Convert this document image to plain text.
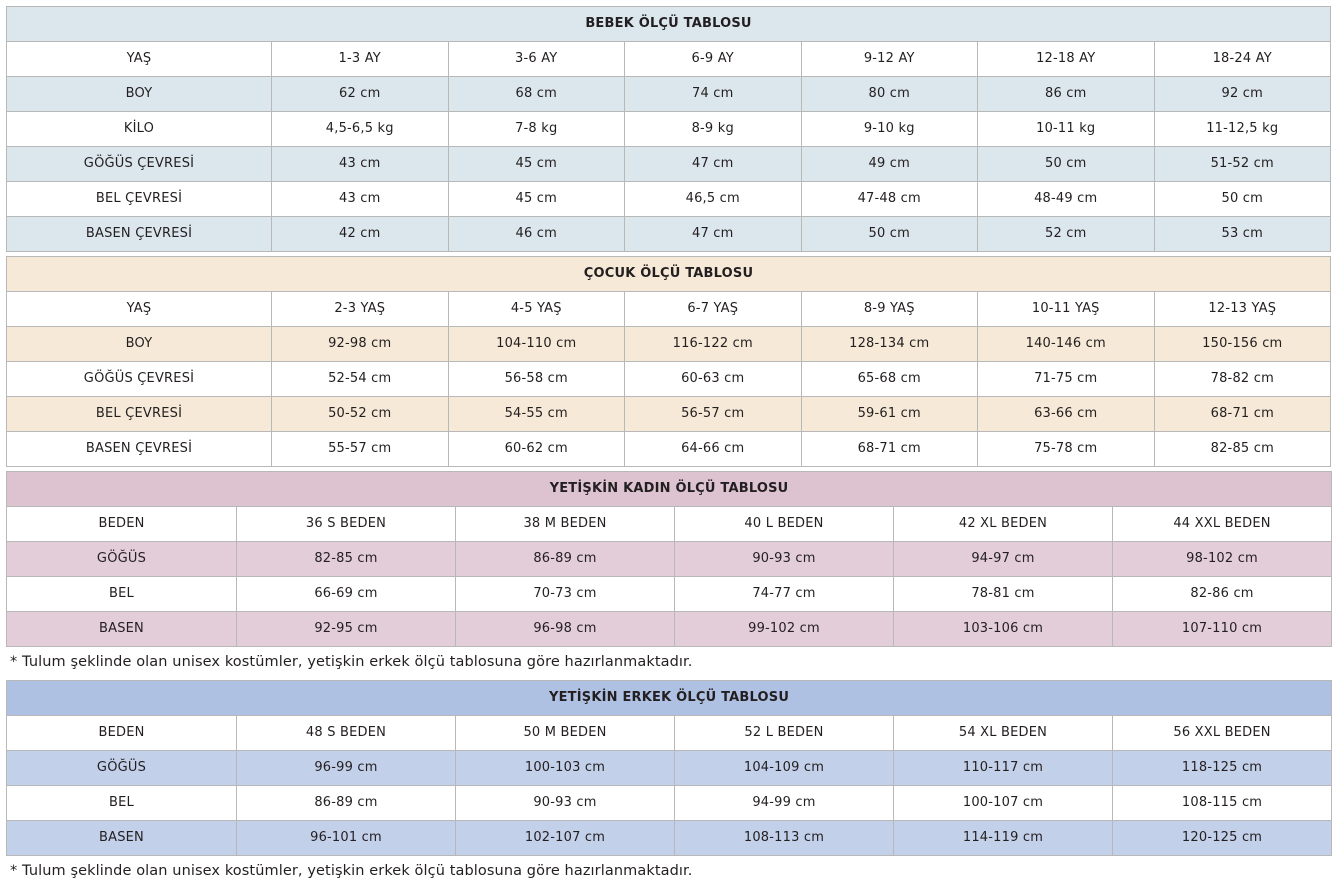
BEBEK ÖLÇÜ TABLOSU						
YAŞ	1-3 AY	3-6 AY	6-9 AY	9-12 AY	12-18 AY	18-24 AY
BOY	62 cm	68 cm	74 cm	80 cm	86 cm	92 cm
KİLO	4,5-6,5 kg	7-8 kg	8-9 kg	9-10 kg	10-11 kg	11-12,5 kg
GÖĞÜS ÇEVRESİ	43 cm	45 cm	47 cm	49 cm	50 cm	51-52 cm
BEL ÇEVRESİ	43 cm	45 cm	46,5 cm	47-48 cm	48-49 cm	50 cm
BASEN ÇEVRESİ	42 cm	46 cm	47 cm	50 cm	52 cm	53 cm
ÇOCUK ÖLÇÜ TABLOSU						
YAŞ	2-3 YAŞ	4-5 YAŞ	6-7 YAŞ	8-9 YAŞ	10-11 YAŞ	12-13 YAŞ
BOY	92-98 cm	104-110 cm	116-122 cm	128-134 cm	140-146 cm	150-156 cm
GÖĞÜS ÇEVRESİ	52-54 cm	56-58 cm	60-63 cm	65-68 cm	71-75 cm	78-82 cm
BEL ÇEVRESİ	50-52 cm	54-55 cm	56-57 cm	59-61 cm	63-66 cm	68-71 cm
BASEN ÇEVRESİ	55-57 cm	60-62 cm	64-66 cm	68-71 cm	75-78 cm	82-85 cm
YETİŞKİN KADIN ÖLÇÜ TABLOSU					
BEDEN	36 S BEDEN	38 M BEDEN	40 L BEDEN	42 XL BEDEN	44 XXL BEDEN
GÖĞÜS	82-85 cm	86-89 cm	90-93 cm	94-97 cm	98-102 cm
BEL	66-69 cm	70-73 cm	74-77 cm	78-81 cm	82-86 cm
BASEN	92-95 cm	96-98 cm	99-102 cm	103-106 cm	107-110 cm
* Tulum şeklinde olan unisex kostümler, yetişkin erkek ölçü tablosuna göre hazırlanmaktadır.
YETİŞKİN ERKEK ÖLÇÜ TABLOSU					
BEDEN	48 S BEDEN	50 M BEDEN	52 L BEDEN	54 XL BEDEN	56 XXL BEDEN
GÖĞÜS	96-99 cm	100-103 cm	104-109 cm	110-117 cm	118-125 cm
BEL	86-89 cm	90-93 cm	94-99 cm	100-107 cm	108-115 cm
BASEN	96-101 cm	102-107 cm	108-113 cm	114-119 cm	120-125 cm
* Tulum şeklinde olan unisex kostümler, yetişkin erkek ölçü tablosuna göre hazırlanmaktadır.
